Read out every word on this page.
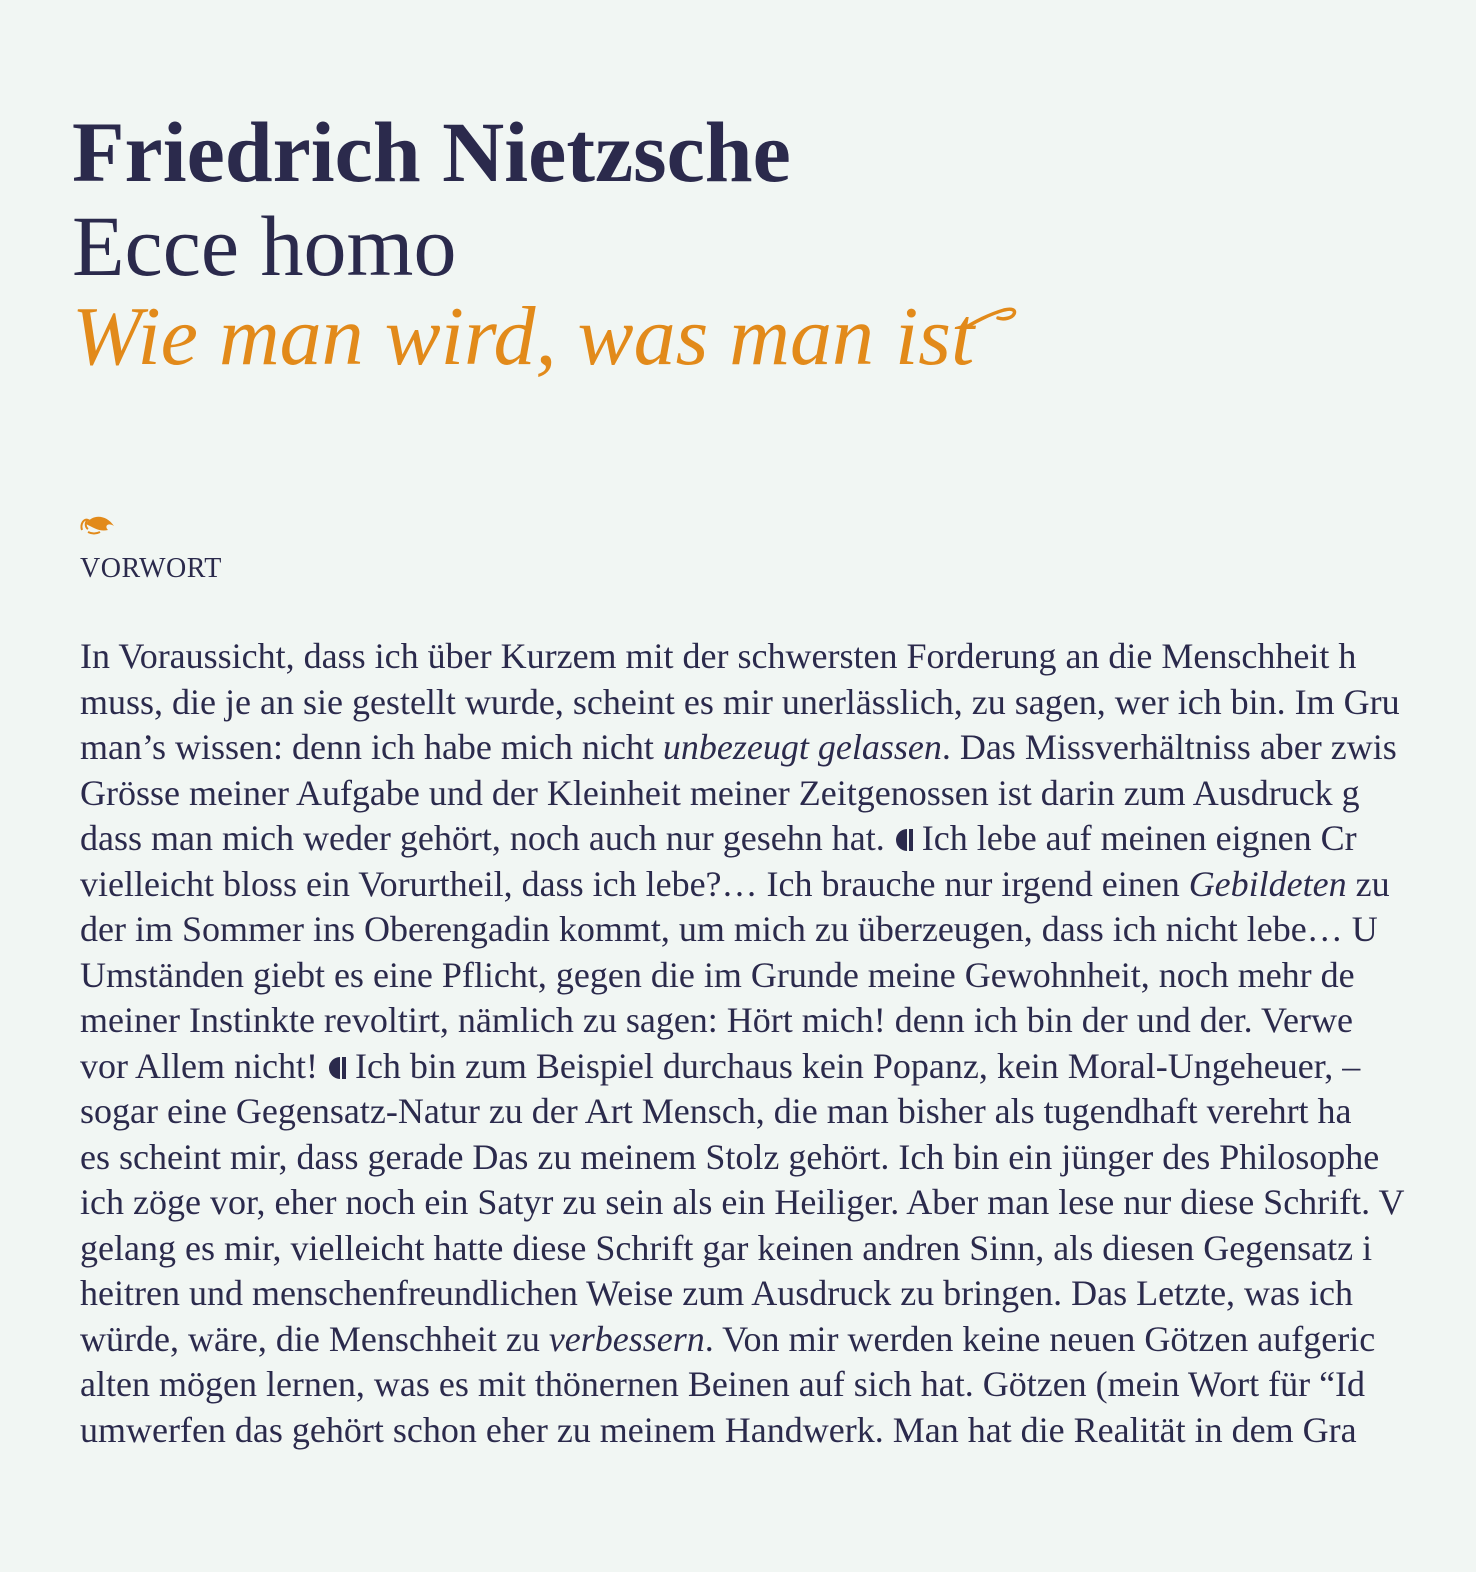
Friedrich Nietzsche
Ecce homo
Wie man wird, was man ist
VORWORT
In Voraussicht, dass ich über Kurzem mit der schwersten Forderung an die Menschheit h
muss, die je an sie gestellt wurde, scheint es mir unerlässlich, zu sagen, wer ich bin. Im Gru
man’s wissen: denn ich habe mich nicht unbezeugt gelassen. Das Missverhältniss aber zwis
Grösse meiner Aufgabe und der Kleinheit meiner Zeitgenossen ist darin zum Ausdruck g
dass man mich weder gehört, noch auch nur gesehn hat. Ich lebe auf meinen eignen Cr
vielleicht bloss ein Vorurtheil, dass ich lebe?… Ich brauche nur irgend einen Gebildeten zu
der im Sommer ins Oberengadin kommt, um mich zu überzeugen, dass ich nicht lebe… U
Umständen giebt es eine Pflicht, gegen die im Grunde meine Gewohnheit, noch mehr de
meiner Instinkte revoltirt, nämlich zu sagen: Hört mich! denn ich bin der und der. Verwe
vor Allem nicht! Ich bin zum Beispiel durchaus kein Popanz, kein Moral-Ungeheuer, –
sogar eine Gegensatz-Natur zu der Art Mensch, die man bisher als tugendhaft verehrt ha
es scheint mir, dass gerade Das zu meinem Stolz gehört. Ich bin ein jünger des Philosophe
ich zöge vor, eher noch ein Satyr zu sein als ein Heiliger. Aber man lese nur diese Schrift. V
gelang es mir, vielleicht hatte diese Schrift gar keinen andren Sinn, als diesen Gegensatz i
heitren und menschenfreundlichen Weise zum Ausdruck zu bringen. Das Letzte, was ich
würde, wäre, die Menschheit zu verbessern. Von mir werden keine neuen Götzen aufgeric
alten mögen lernen, was es mit thönernen Beinen auf sich hat. Götzen (mein Wort für “Id
umwerfen das gehört schon eher zu meinem Handwerk. Man hat die Realität in dem Gra
